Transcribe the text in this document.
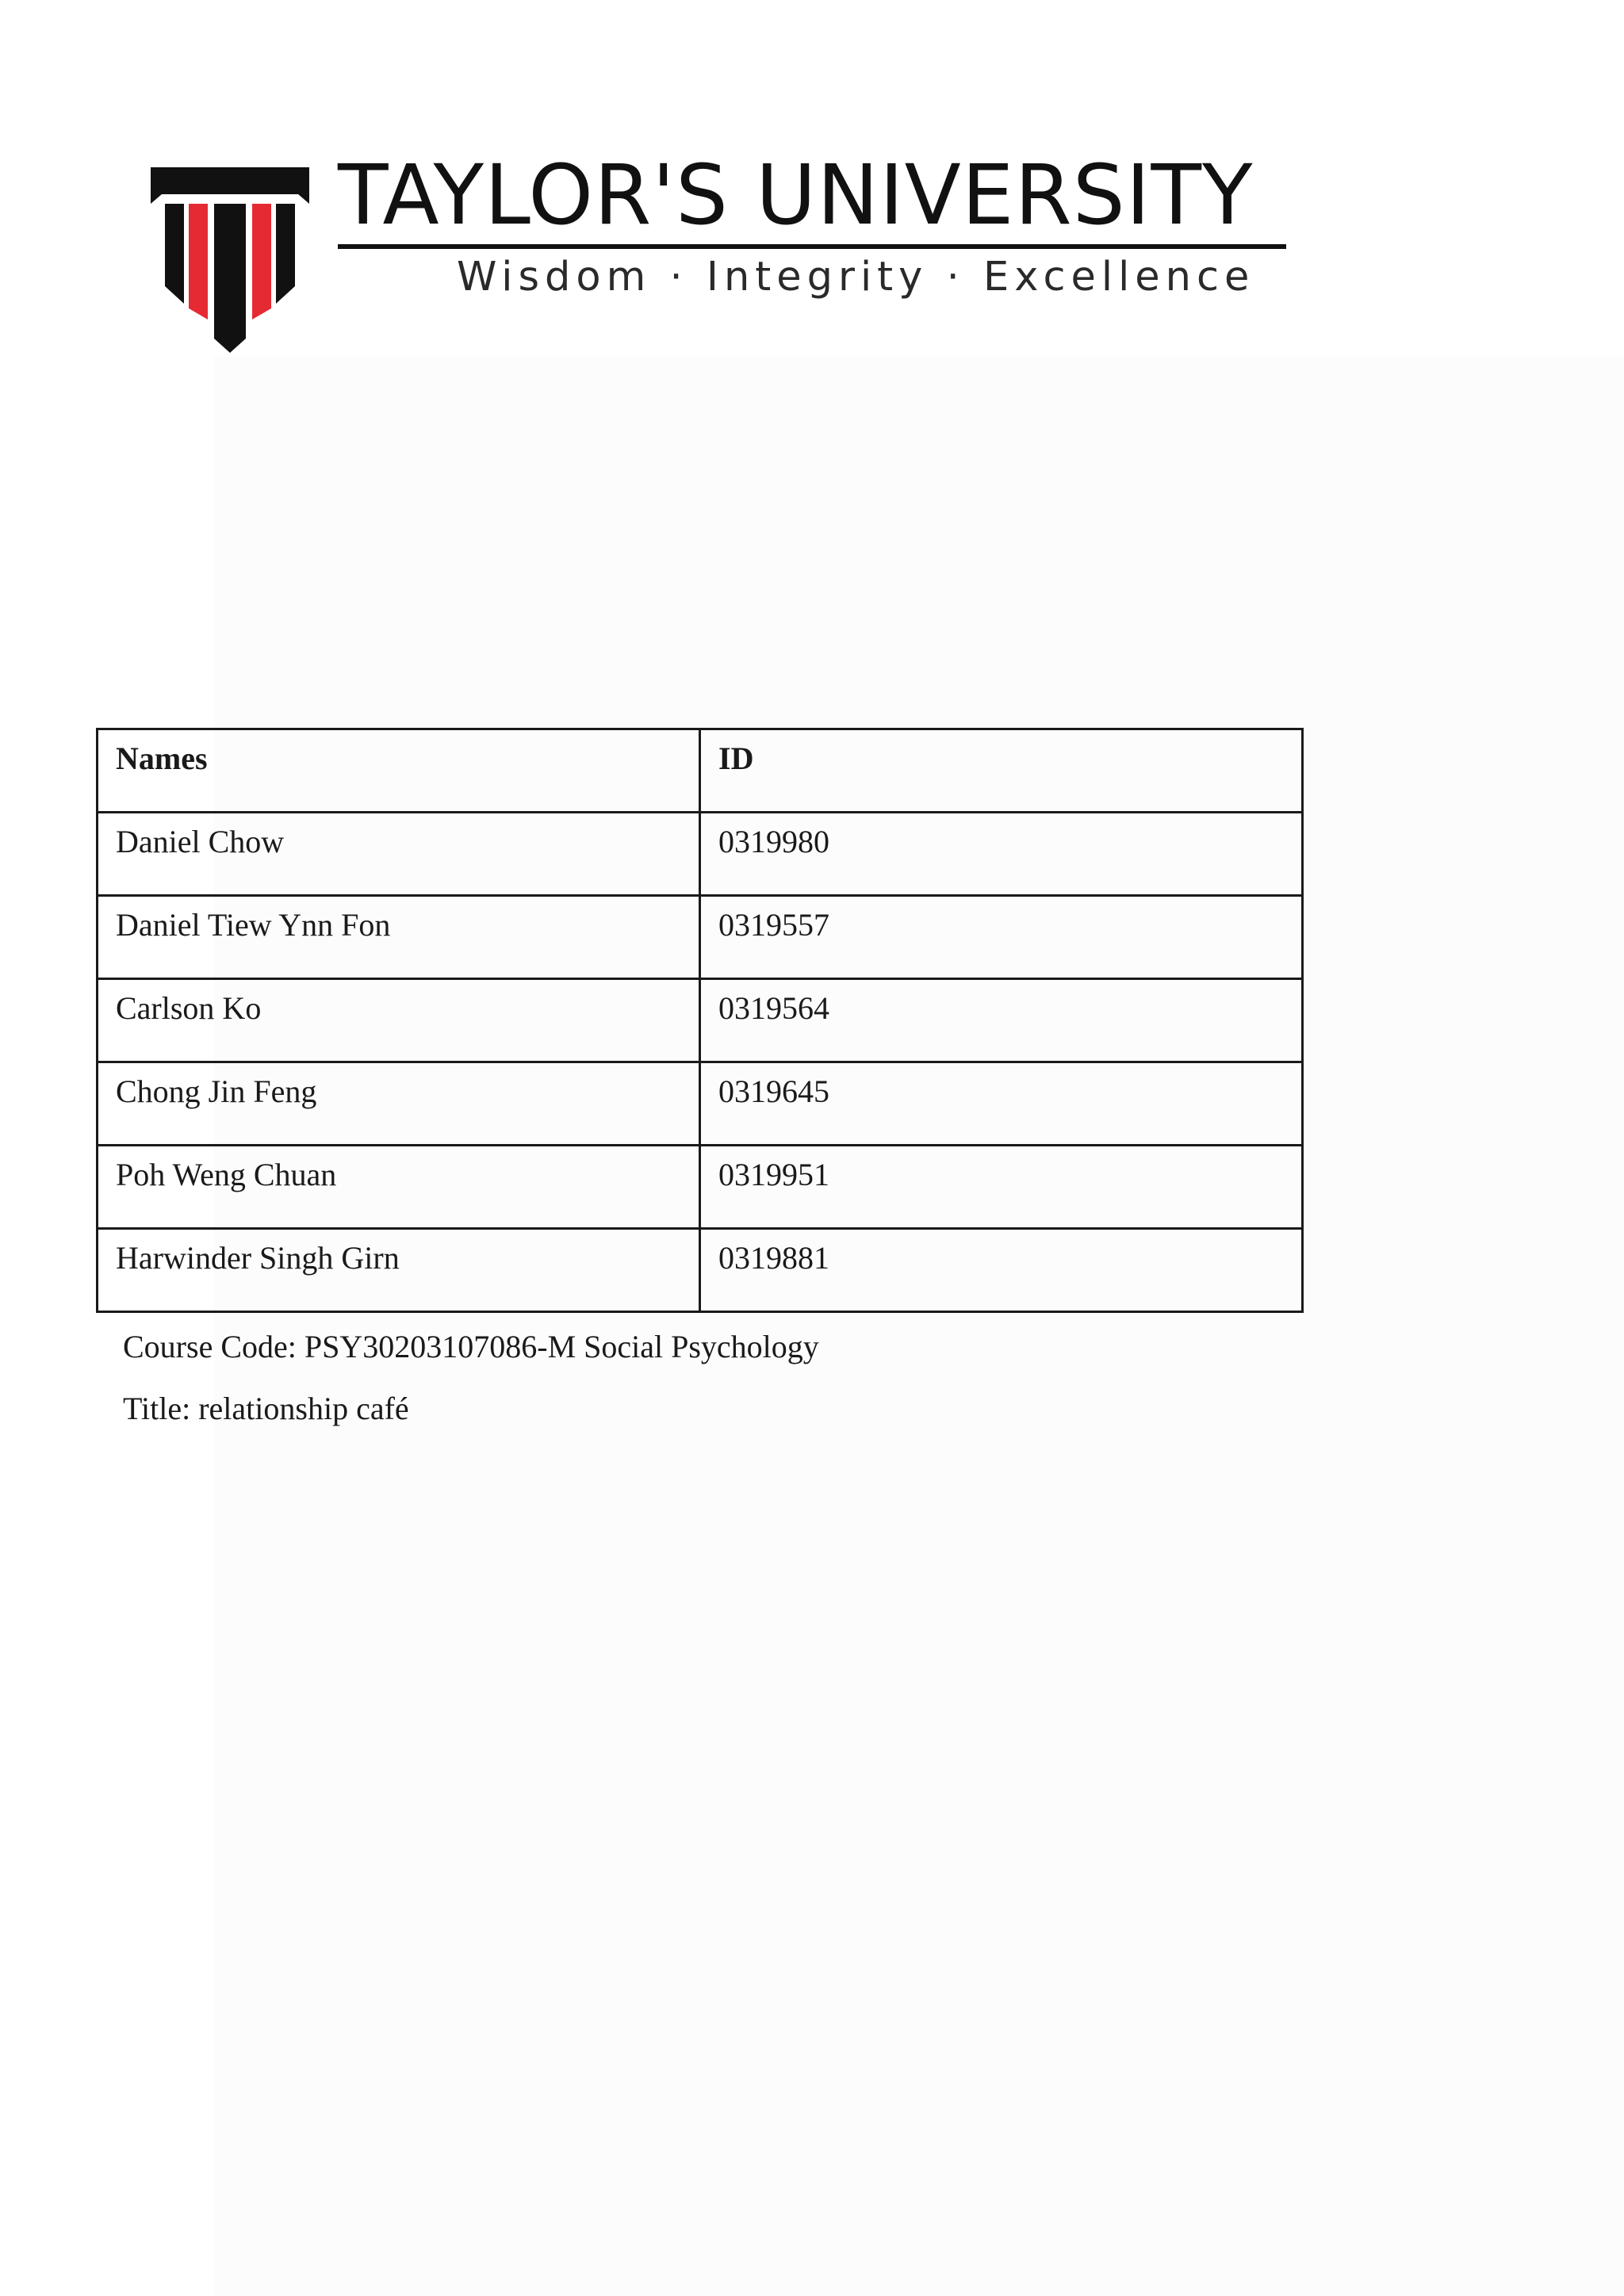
TAYLOR'S UNIVERSITY
Wisdom · Integrity · Excellence
Names	ID
Daniel Chow	0319980
Daniel Tiew Ynn Fon	0319557
Carlson Ko	0319564
Chong Jin Feng	0319645
Poh Weng Chuan	0319951
Harwinder Singh Girn	0319881

Course Code: PSY30203107086-M Social Psychology

Title: relationship café
